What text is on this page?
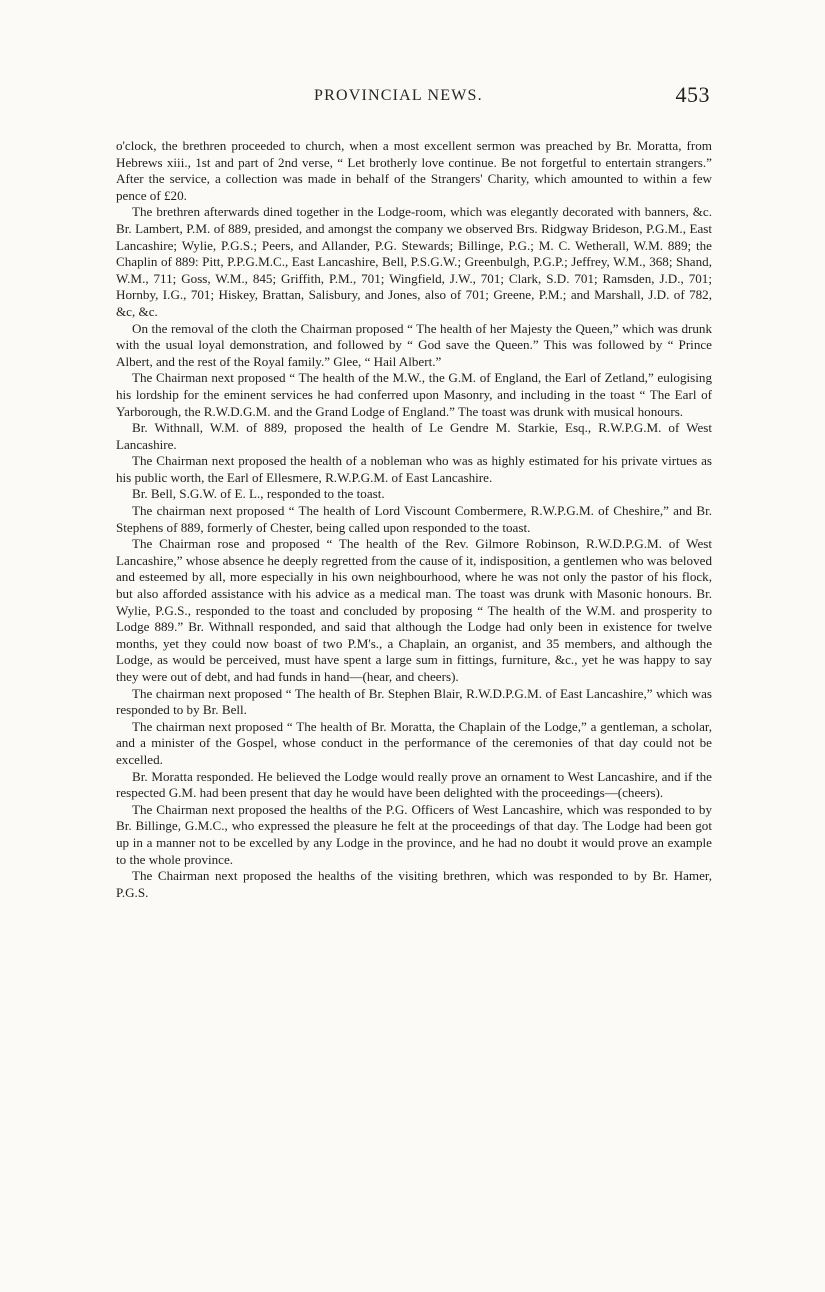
PROVINCIAL NEWS.	453

o'clock, the brethren proceeded to church, when a most excellent sermon was preached by Br. Moratta, from Hebrews xiii., 1st and part of 2nd verse, “ Let brotherly love continue. Be not forgetful to entertain strangers.” After the service, a collection was made in behalf of the Strangers' Charity, which amounted to within a few pence of £20.

The brethren afterwards dined together in the Lodge-room, which was elegantly decorated with banners, &c. Br. Lambert, P.M. of 889, presided, and amongst the company we observed Brs. Ridgway Brideson, P.G.M., East Lancashire; Wylie, P.G.S.; Peers, and Allander, P.G. Stewards; Billinge, P.G.; M. C. Wetherall, W.M. 889; the Chaplin of 889: Pitt, P.P.G.M.C., East Lancashire, Bell, P.S.G.W.; Greenbulgh, P.G.P.; Jeffrey, W.M., 368; Shand, W.M., 711; Goss, W.M., 845; Griffith, P.M., 701; Wingfield, J.W., 701; Clark, S.D. 701; Ramsden, J.D., 701; Hornby, I.G., 701; Hiskey, Brattan, Salisbury, and Jones, also of 701; Greene, P.M.; and Marshall, J.D. of 782, &c, &c.

On the removal of the cloth the Chairman proposed “ The health of her Majesty the Queen,” which was drunk with the usual loyal demonstration, and followed by “ God save the Queen.” This was followed by “ Prince Albert, and the rest of the Royal family.” Glee, “ Hail Albert.”

The Chairman next proposed “ The health of the M.W., the G.M. of England, the Earl of Zetland,” eulogising his lordship for the eminent services he had conferred upon Masonry, and including in the toast “ The Earl of Yarborough, the R.W.D.G.M. and the Grand Lodge of England.” The toast was drunk with musical honours.

Br. Withnall, W.M. of 889, proposed the health of Le Gendre M. Starkie, Esq., R.W.P.G.M. of West Lancashire.

The Chairman next proposed the health of a nobleman who was as highly estimated for his private virtues as his public worth, the Earl of Ellesmere, R.W.P.G.M. of East Lancashire.

Br. Bell, S.G.W. of E. L., responded to the toast.

The chairman next proposed “ The health of Lord Viscount Combermere, R.W.P.G.M. of Cheshire,” and Br. Stephens of 889, formerly of Chester, being called upon responded to the toast.

The Chairman rose and proposed “ The health of the Rev. Gilmore Robinson, R.W.D.P.G.M. of West Lancashire,” whose absence he deeply regretted from the cause of it, indisposition, a gentlemen who was beloved and esteemed by all, more especially in his own neighbourhood, where he was not only the pastor of his flock, but also afforded assistance with his advice as a medical man. The toast was drunk with Masonic honours. Br. Wylie, P.G.S., responded to the toast and concluded by proposing “ The health of the W.M. and prosperity to Lodge 889.” Br. Withnall responded, and said that although the Lodge had only been in existence for twelve months, yet they could now boast of two P.M's., a Chaplain, an organist, and 35 members, and although the Lodge, as would be perceived, must have spent a large sum in fittings, furniture, &c., yet he was happy to say they were out of debt, and had funds in hand—(hear, and cheers).

The chairman next proposed “ The health of Br. Stephen Blair, R.W.D.P.G.M. of East Lancashire,” which was responded to by Br. Bell.

The chairman next proposed “ The health of Br. Moratta, the Chaplain of the Lodge,” a gentleman, a scholar, and a minister of the Gospel, whose conduct in the performance of the ceremonies of that day could not be excelled.

Br. Moratta responded. He believed the Lodge would really prove an ornament to West Lancashire, and if the respected G.M. had been present that day he would have been delighted with the proceedings—(cheers).

The Chairman next proposed the healths of the P.G. Officers of West Lancashire, which was responded to by Br. Billinge, G.M.C., who expressed the pleasure he felt at the proceedings of that day. The Lodge had been got up in a manner not to be excelled by any Lodge in the province, and he had no doubt it would prove an example to the whole province.

The Chairman next proposed the healths of the visiting brethren, which was responded to by Br. Hamer, P.G.S.
